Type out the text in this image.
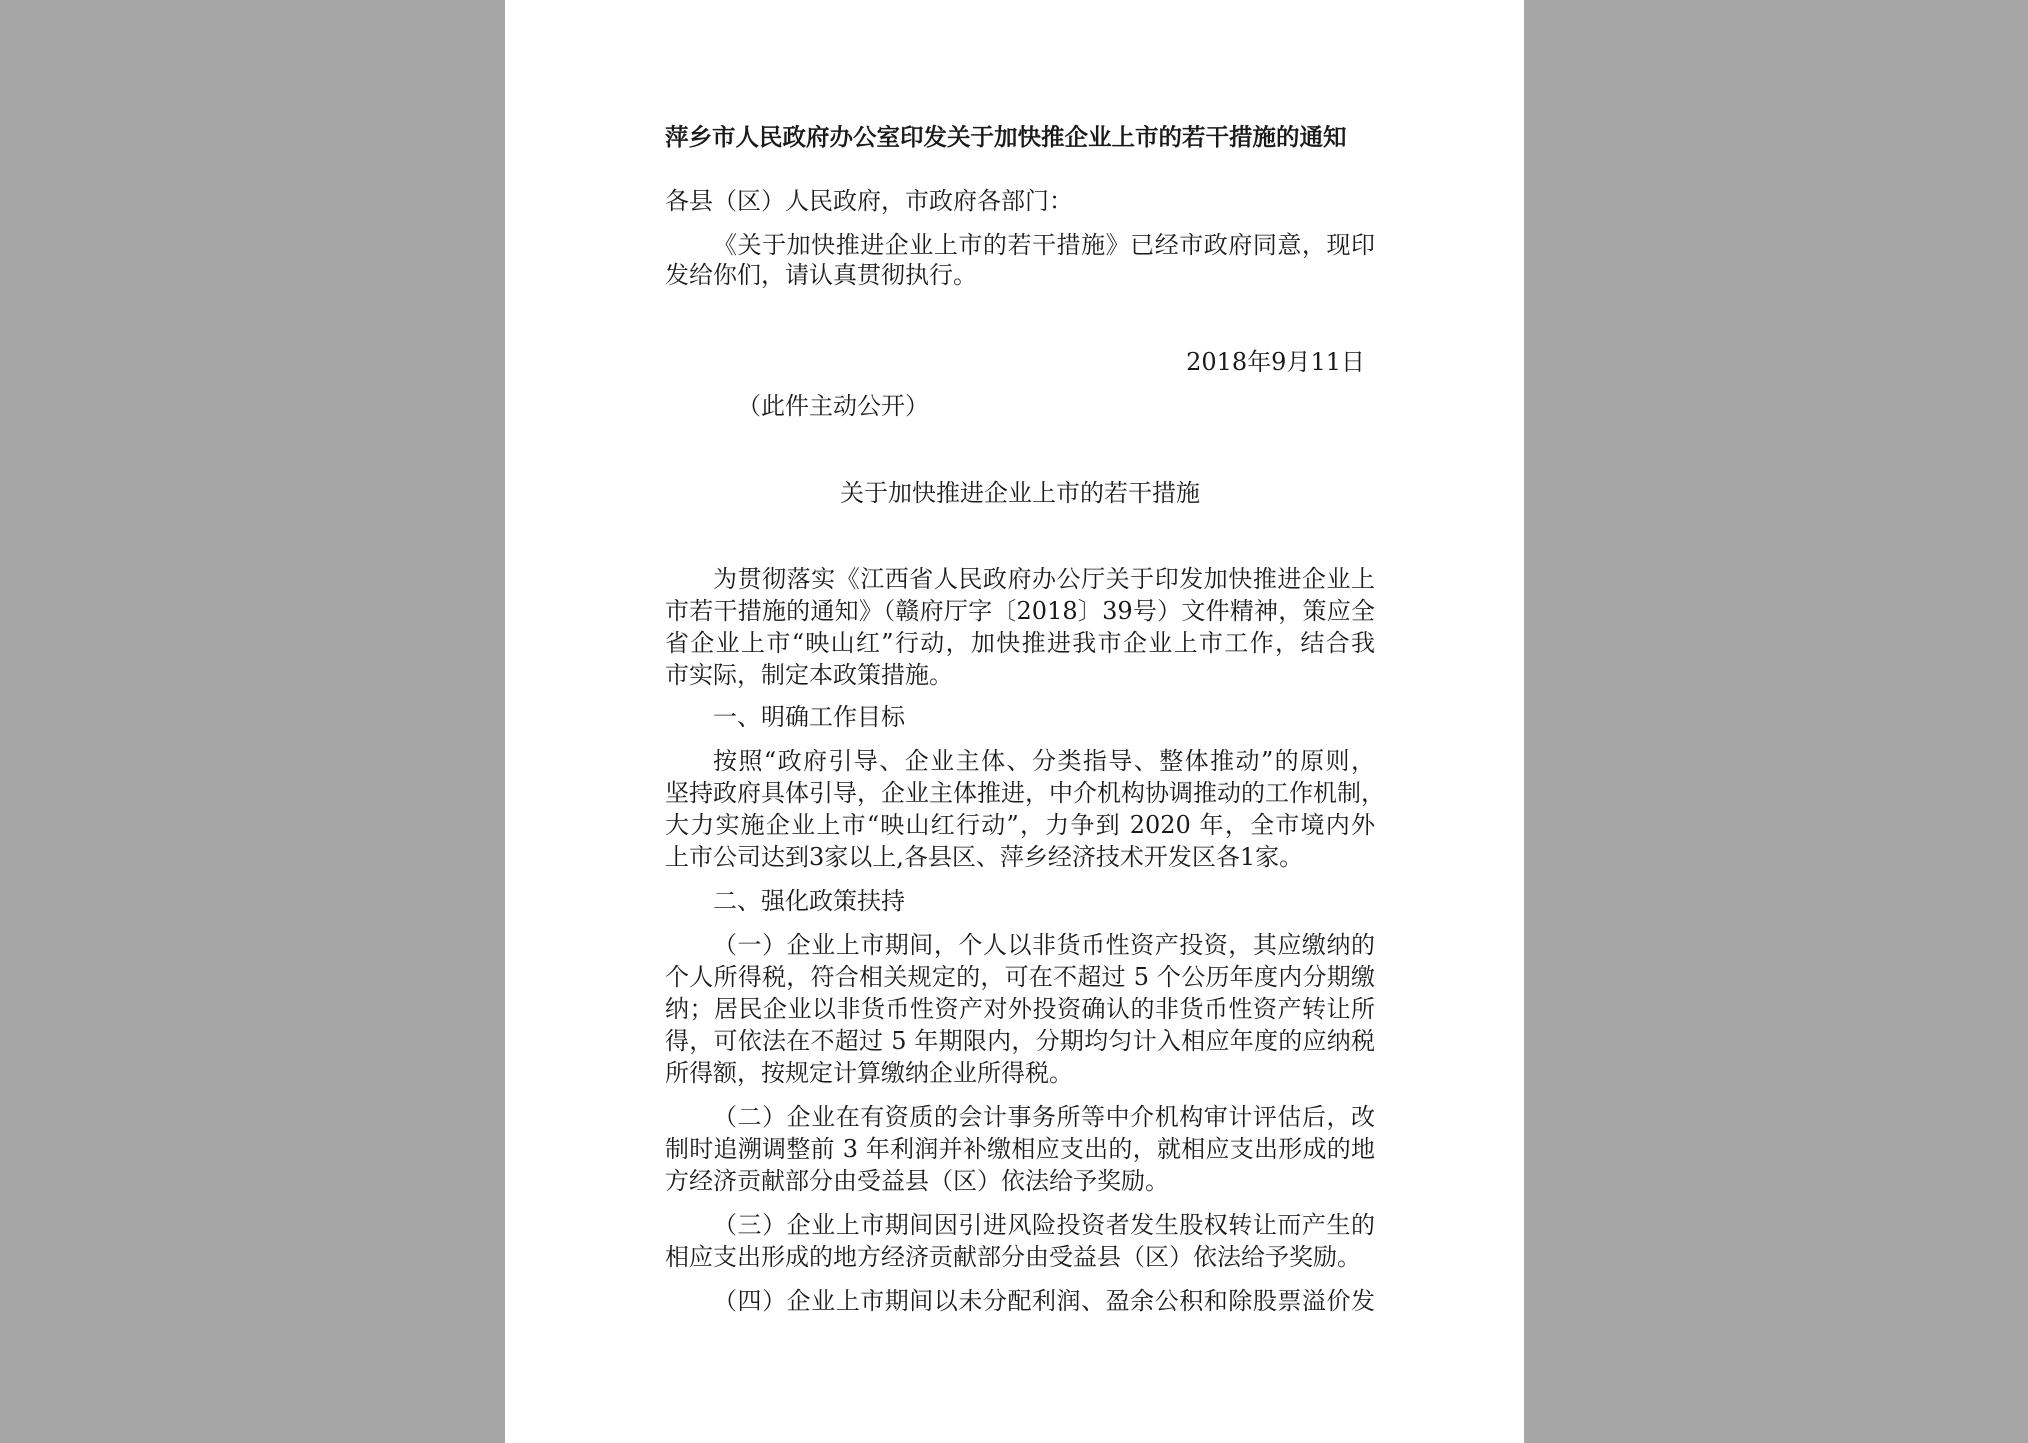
萍乡市人民政府办公室印发关于加快推企业上市的若干措施的通知
各县（区）人民政府，市政府各部门：
《关于加快推进企业上市的若干措施》已经市政府同意，现印
发给你们，请认真贯彻执行。
2018年9月11日
（此件主动公开）
关于加快推进企业上市的若干措施
为贯彻落实《江西省人民政府办公厅关于印发加快推进企业上
市若干措施的通知》（赣府厅字〔2018〕39号）文件精神，策应全
省企业上市“映山红”行动，加快推进我市企业上市工作，结合我
市实际，制定本政策措施。
一、明确工作目标
按照“政府引导、企业主体、分类指导、整体推动”的原则，
坚持政府具体引导，企业主体推进，中介机构协调推动的工作机制，
大力实施企业上市“映山红行动”，力争到 2020 年，全市境内外
上市公司达到3家以上,各县区、萍乡经济技术开发区各1家。
二、强化政策扶持
（一）企业上市期间，个人以非货币性资产投资，其应缴纳的
个人所得税，符合相关规定的，可在不超过 5 个公历年度内分期缴
纳；居民企业以非货币性资产对外投资确认的非货币性资产转让所
得，可依法在不超过 5 年期限内，分期均匀计入相应年度的应纳税
所得额，按规定计算缴纳企业所得税。
（二）企业在有资质的会计事务所等中介机构审计评估后，改
制时追溯调整前 3 年利润并补缴相应支出的，就相应支出形成的地
方经济贡献部分由受益县（区）依法给予奖励。
（三）企业上市期间因引进风险投资者发生股权转让而产生的
相应支出形成的地方经济贡献部分由受益县（区）依法给予奖励。
（四）企业上市期间以未分配利润、盈余公积和除股票溢价发
